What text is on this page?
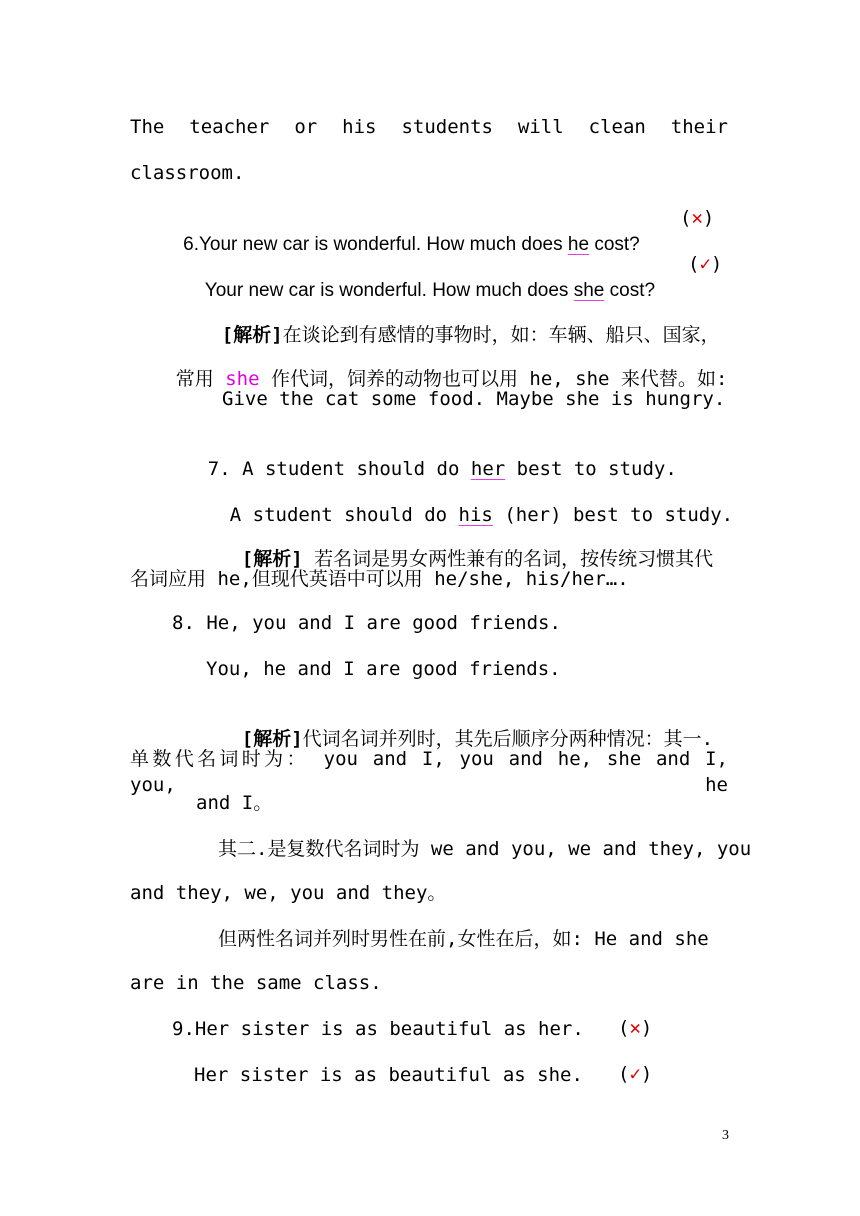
The teacher or his students will clean their
classroom.

6.Your new car is wonderful. How much does he cost?

(✕)

Your new car is wonderful. How much does she cost?

(✓)

[解析]在谈论到有感情的事物时，如：车辆、船只、国家，

常用 she 作代词，饲养的动物也可以用 he, she 来代替。如:

Give the cat some food. Maybe she is hungry.

7. A student should do her best to study.

A student should do his (her) best to study.

[解析] 若名词是男女两性兼有的名词，按传统习惯其代

名词应用 he,但现代英语中可以用 he/she, his/her….
8. He, you and I are good friends.
You, he and I are good friends.

[解析]代词名词并列时，其先后顺序分两种情况：其一.

单数代名词时为： you and I, you and he, she and I, you, he
and I。
其二.是复数代名词时为 we and you, we and they, you
and they, we, you and they。
但两性名词并列时男性在前,女性在后，如: He and she
are in the same class.
9.Her sister is as beautiful as her. (✕)
Her sister is as beautiful as she. (✓)
3
